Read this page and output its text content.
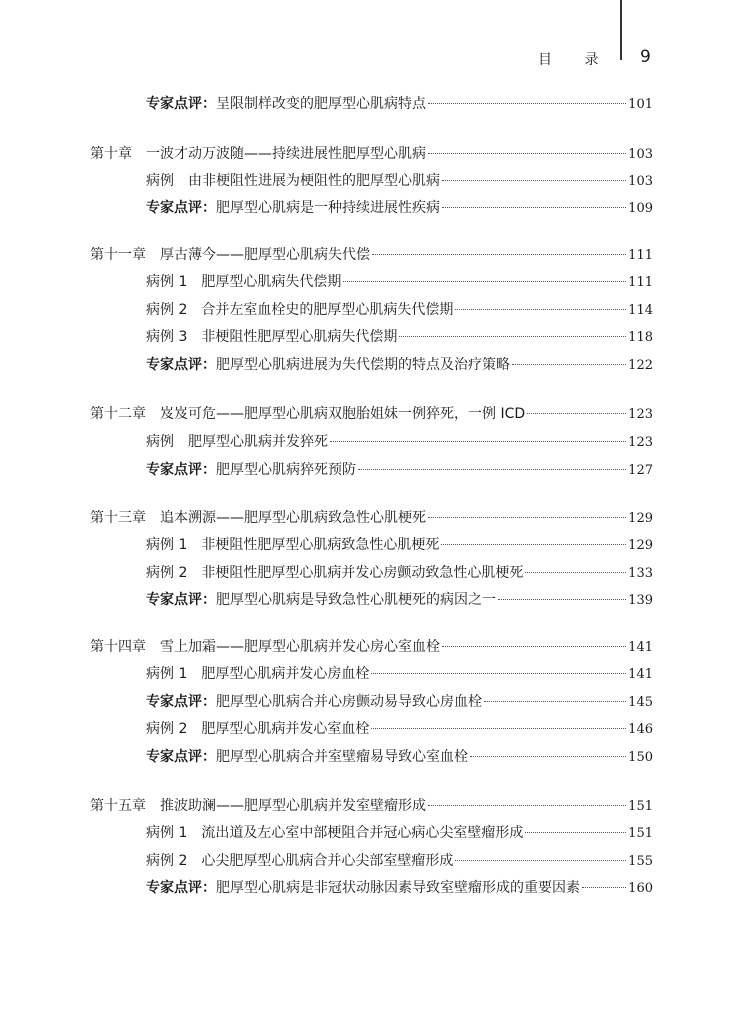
目 录 9
专家点评： 呈限制样改变的肥厚型心肌病特点	101
第十章 一波才动万波随——持续进展性肥厚型心肌病	103
病例 由非梗阻性进展为梗阻性的肥厚型心肌病	103
专家点评： 肥厚型心肌病是一种持续进展性疾病	109
第十一章 厚古薄今——肥厚型心肌病失代偿	111
病例 1 肥厚型心肌病失代偿期	111
病例 2 合并左室血栓史的肥厚型心肌病失代偿期	114
病例 3 非梗阻性肥厚型心肌病失代偿期	118
专家点评： 肥厚型心肌病进展为失代偿期的特点及治疗策略	122
第十二章 岌岌可危——肥厚型心肌病双胞胎姐妹一例猝死，一例 ICD	123
病例 肥厚型心肌病并发猝死	123
专家点评： 肥厚型心肌病猝死预防	127
第十三章 追本溯源——肥厚型心肌病致急性心肌梗死	129
病例 1 非梗阻性肥厚型心肌病致急性心肌梗死	129
病例 2 非梗阻性肥厚型心肌病并发心房颤动致急性心肌梗死	133
专家点评： 肥厚型心肌病是导致急性心肌梗死的病因之一	139
第十四章 雪上加霜——肥厚型心肌病并发心房心室血栓	141
病例 1 肥厚型心肌病并发心房血栓	141
专家点评： 肥厚型心肌病合并心房颤动易导致心房血栓	145
病例 2 肥厚型心肌病并发心室血栓	146
专家点评： 肥厚型心肌病合并室壁瘤易导致心室血栓	150
第十五章 推波助澜——肥厚型心肌病并发室壁瘤形成	151
病例 1 流出道及左心室中部梗阻合并冠心病心尖室壁瘤形成	151
病例 2 心尖肥厚型心肌病合并心尖部室壁瘤形成	155
专家点评： 肥厚型心肌病是非冠状动脉因素导致室壁瘤形成的重要因素	160
